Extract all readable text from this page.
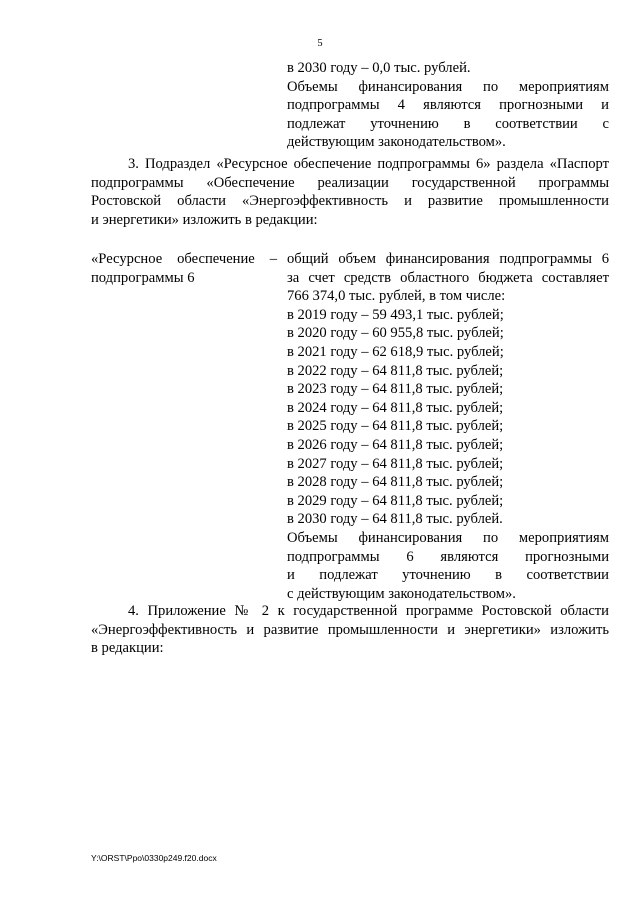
5
в 2030 году – 0,0 тыс. рублей.
Объемы финансирования по мероприятиям
подпрограммы 4 являются прогнозными и
подлежат уточнению в соответствии с
действующим законодательством».
3. Подраздел «Ресурсное обеспечение подпрограммы 6» раздела «Паспорт
подпрограммы «Обеспечение реализации государственной программы
Ростовской области «Энергоэффективность и развитие промышленности
и энергетики» изложить в редакции:
«Ресурсное обеспечение –
подпрограммы 6
общий объем финансирования подпрограммы 6
за счет средств областного бюджета составляет
766 374,0 тыс. рублей, в том числе:
в 2019 году – 59 493,1 тыс. рублей;
в 2020 году – 60 955,8 тыс. рублей;
в 2021 году – 62 618,9 тыс. рублей;
в 2022 году – 64 811,8 тыс. рублей;
в 2023 году – 64 811,8 тыс. рублей;
в 2024 году – 64 811,8 тыс. рублей;
в 2025 году – 64 811,8 тыс. рублей;
в 2026 году – 64 811,8 тыс. рублей;
в 2027 году – 64 811,8 тыс. рублей;
в 2028 году – 64 811,8 тыс. рублей;
в 2029 году – 64 811,8 тыс. рублей;
в 2030 году – 64 811,8 тыс. рублей.
Объемы финансирования по мероприятиям
подпрограммы 6 являются прогнозными
и подлежат уточнению в соответствии
с действующим законодательством».
4. Приложение № 2 к государственной программе Ростовской области
«Энергоэффективность и развитие промышленности и энергетики» изложить
в редакции:
Y:\ORST\Ppo\0330p249.f20.docx
